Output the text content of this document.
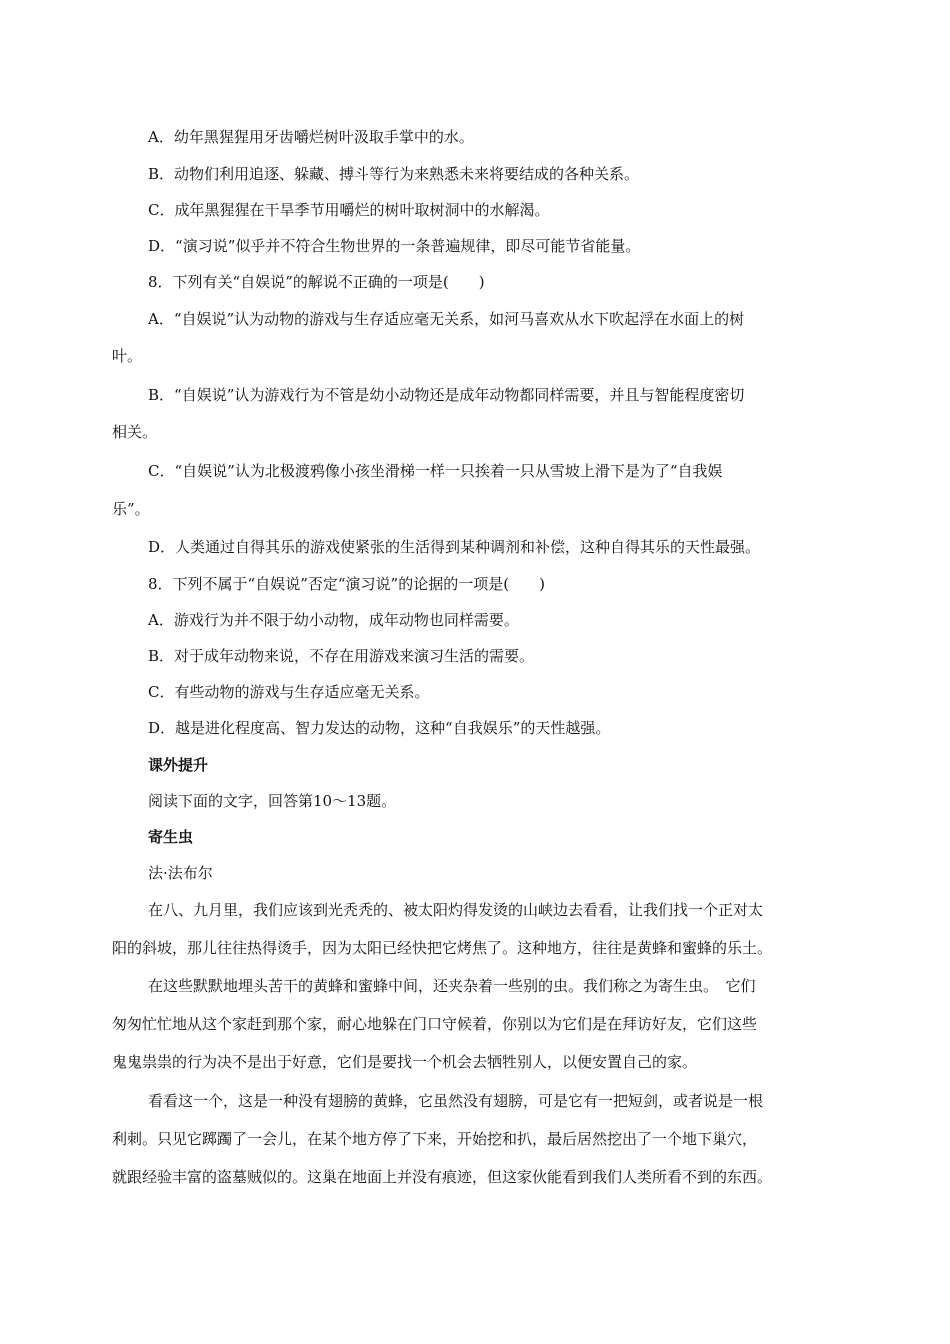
A．幼年黑猩猩用牙齿嚼烂树叶汲取手掌中的水。

B．动物们利用追逐、躲藏、搏斗等行为来熟悉未来将要结成的各种关系。

C．成年黑猩猩在干旱季节用嚼烂的树叶取树洞中的水解渴。

D．“演习说”似乎并不符合生物世界的一条普遍规律，即尽可能节省能量。

8．下列有关“自娱说”的解说不正确的一项是(　　)

A．“自娱说”认为动物的游戏与生存适应毫无关系，如河马喜欢从水下吹起浮在水面上的树

叶。

B．“自娱说”认为游戏行为不管是幼小动物还是成年动物都同样需要，并且与智能程度密切

相关。

C．“自娱说”认为北极渡鸦像小孩坐滑梯一样一只挨着一只从雪坡上滑下是为了“自我娱

乐”。

D．人类通过自得其乐的游戏使紧张的生活得到某种调剂和补偿，这种自得其乐的天性最强。

8．下列不属于“自娱说”否定“演习说”的论据的一项是(　　)

A．游戏行为并不限于幼小动物，成年动物也同样需要。

B．对于成年动物来说，不存在用游戏来演习生活的需要。

C．有些动物的游戏与生存适应毫无关系。

D．越是进化程度高、智力发达的动物，这种“自我娱乐”的天性越强。

课外提升

阅读下面的文字，回答第10～13题。

寄生虫

法·法布尔

在八、九月里，我们应该到光秃秃的、被太阳灼得发烫的山峡边去看看，让我们找一个正对太

阳的斜坡，那儿往往热得烫手，因为太阳已经快把它烤焦了。这种地方，往往是黄蜂和蜜蜂的乐土。

在这些默默地埋头苦干的黄蜂和蜜蜂中间，还夹杂着一些别的虫。我们称之为寄生虫。　它们

匆匆忙忙地从这个家赶到那个家，耐心地躲在门口守候着，你别以为它们是在拜访好友，它们这些

鬼鬼祟祟的行为决不是出于好意，它们是要找一个机会去牺牲别人，以便安置自己的家。

看看这一个，这是一种没有翅膀的黄蜂，它虽然没有翅膀，可是它有一把短剑，或者说是一根

利刺。只见它踯躅了一会儿，在某个地方停了下来，开始挖和扒，最后居然挖出了一个地下巢穴，

就跟经验丰富的盗墓贼似的。这巢在地面上并没有痕迹，但这家伙能看到我们人类所看不到的东西。
